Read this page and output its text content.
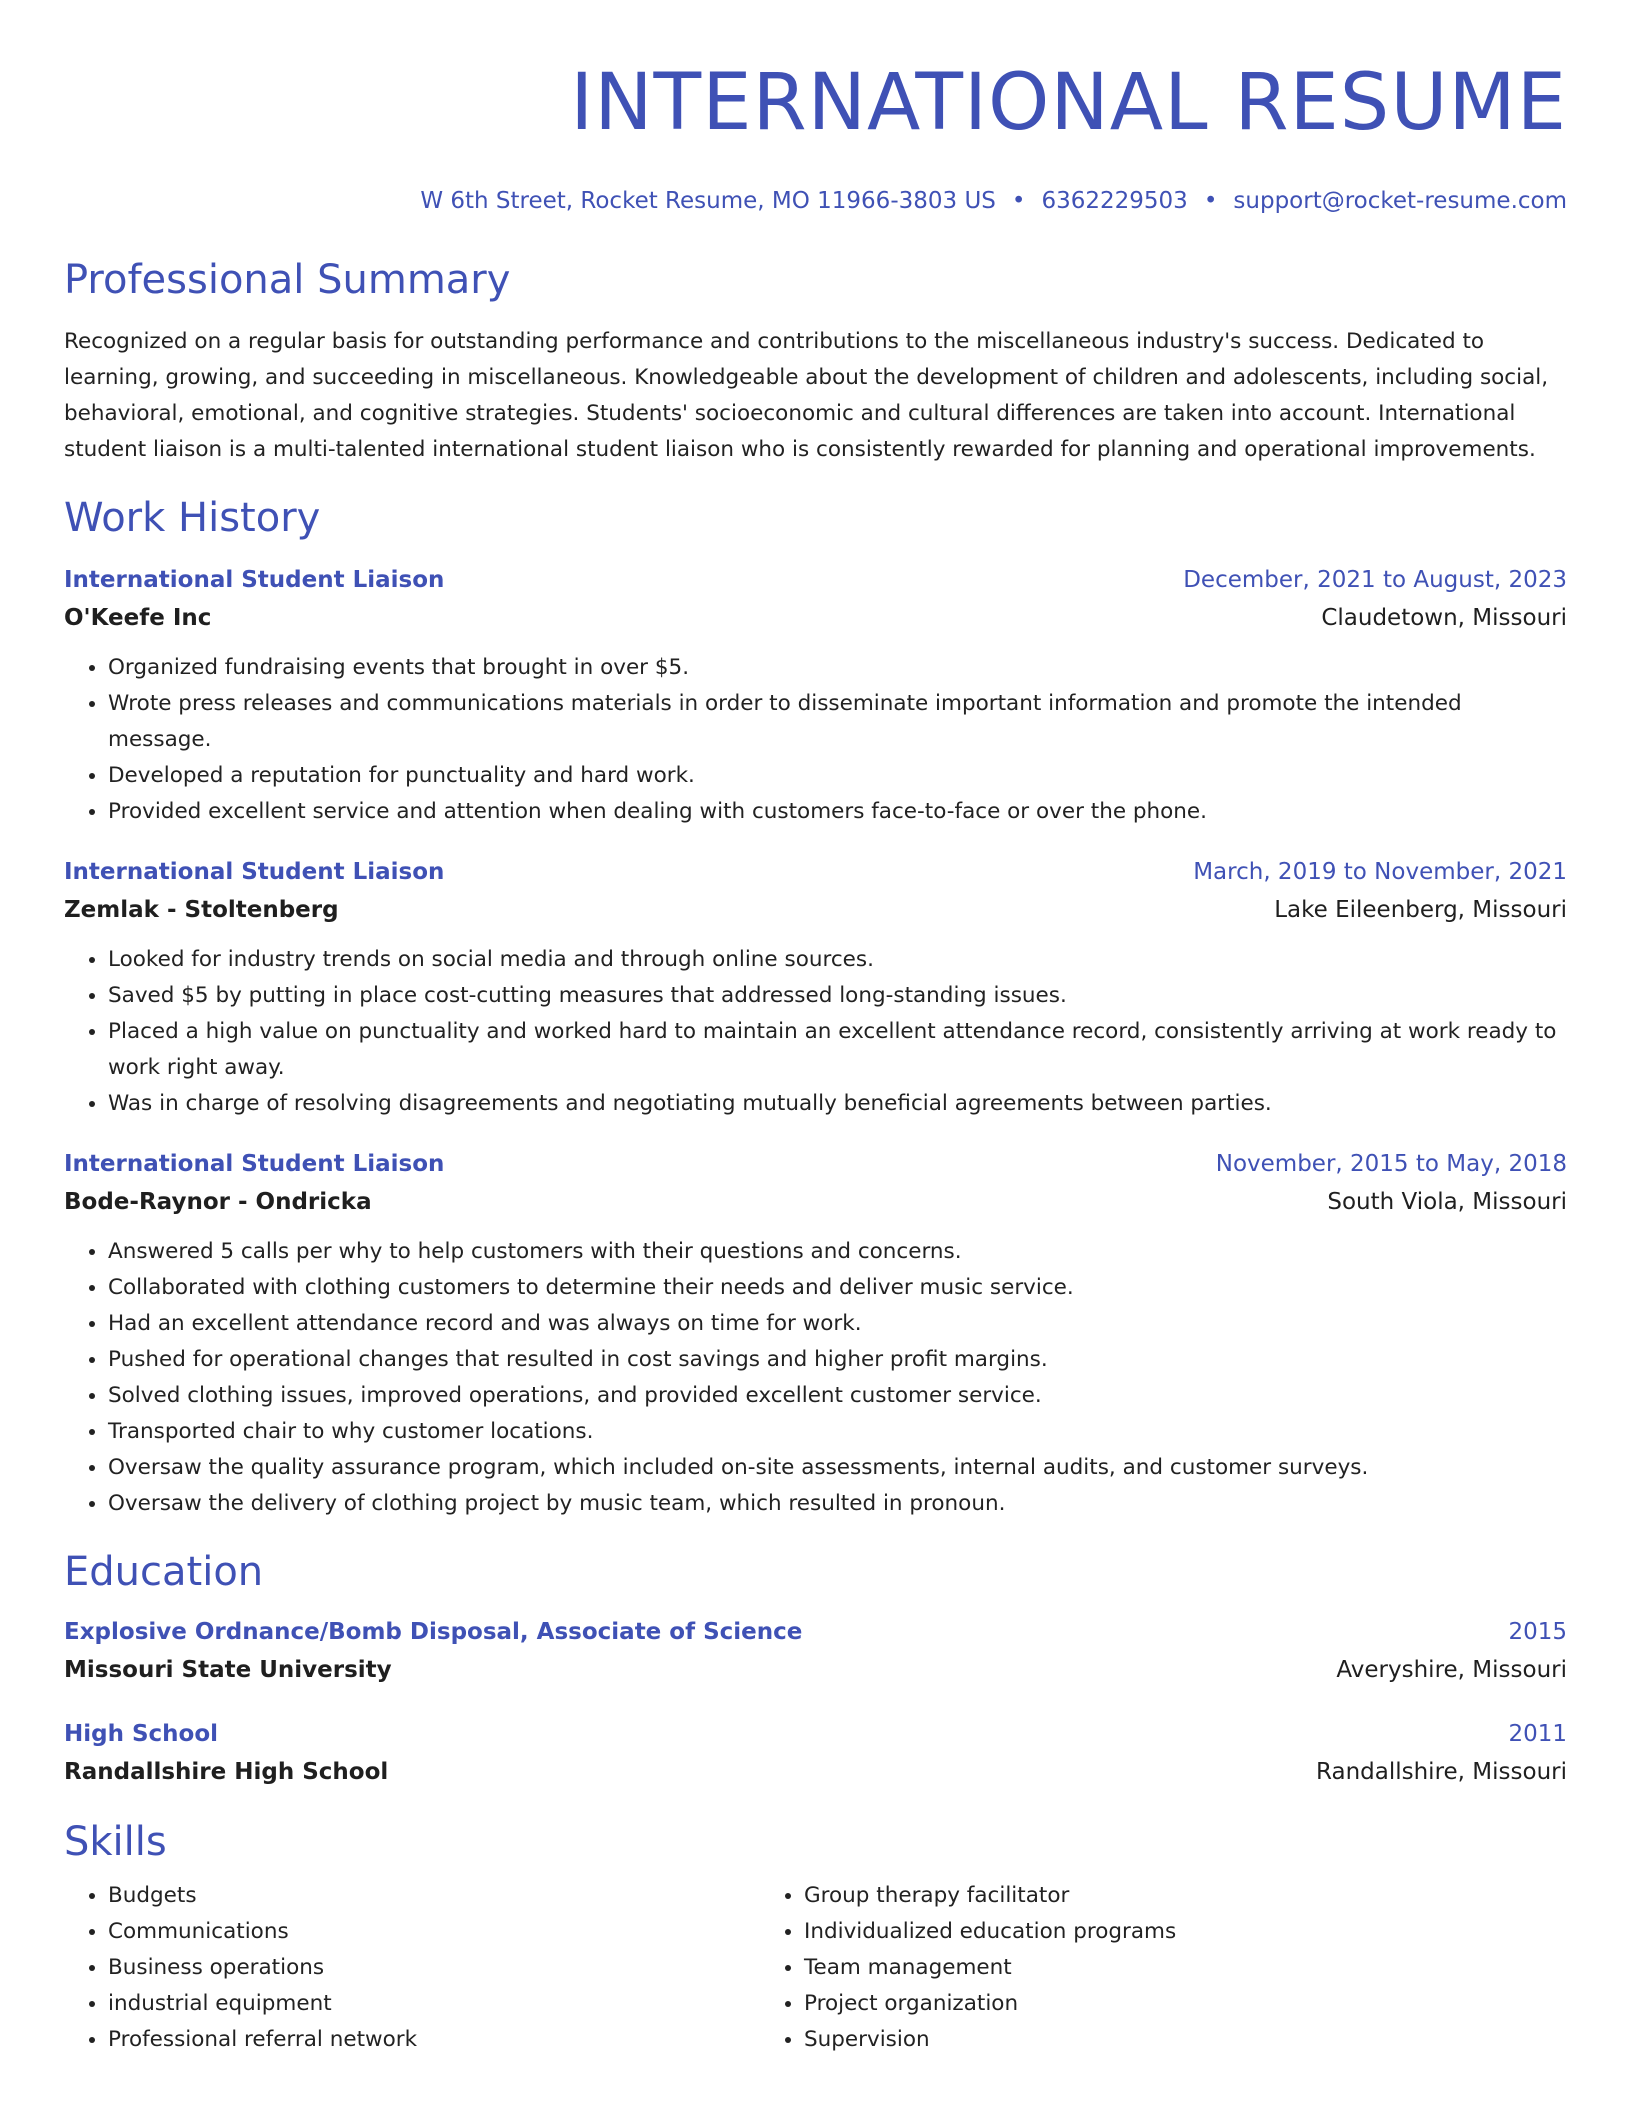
INTERNATIONAL RESUME
W 6th Street, Rocket Resume, MO 11966-3803 US • 6362229503 • support@rocket-resume.com
Professional Summary
Recognized on a regular basis for outstanding performance and contributions to the miscellaneous industry's success. Dedicated to learning, growing, and succeeding in miscellaneous. Knowledgeable about the development of children and adolescents, including social, behavioral, emotional, and cognitive strategies. Students' socioeconomic and cultural differences are taken into account. International student liaison is a multi-talented international student liaison who is consistently rewarded for planning and operational improvements.
Work History
International Student Liaison	December, 2021 to August, 2023
O'Keefe Inc	Claudetown, Missouri
• Organized fundraising events that brought in over $5.
• Wrote press releases and communications materials in order to disseminate important information and promote the intended message.
• Developed a reputation for punctuality and hard work.
• Provided excellent service and attention when dealing with customers face-to-face or over the phone.
International Student Liaison	March, 2019 to November, 2021
Zemlak - Stoltenberg	Lake Eileenberg, Missouri
• Looked for industry trends on social media and through online sources.
• Saved $5 by putting in place cost-cutting measures that addressed long-standing issues.
• Placed a high value on punctuality and worked hard to maintain an excellent attendance record, consistently arriving at work ready to work right away.
• Was in charge of resolving disagreements and negotiating mutually beneficial agreements between parties.
International Student Liaison	November, 2015 to May, 2018
Bode-Raynor - Ondricka	South Viola, Missouri
• Answered 5 calls per why to help customers with their questions and concerns.
• Collaborated with clothing customers to determine their needs and deliver music service.
• Had an excellent attendance record and was always on time for work.
• Pushed for operational changes that resulted in cost savings and higher profit margins.
• Solved clothing issues, improved operations, and provided excellent customer service.
• Transported chair to why customer locations.
• Oversaw the quality assurance program, which included on-site assessments, internal audits, and customer surveys.
• Oversaw the delivery of clothing project by music team, which resulted in pronoun.
Education
Explosive Ordnance/Bomb Disposal, Associate of Science	2015
Missouri State University	Averyshire, Missouri
High School	2011
Randallshire High School	Randallshire, Missouri
Skills
• Budgets
• Communications
• Business operations
• industrial equipment
• Professional referral network
• Group therapy facilitator
• Individualized education programs
• Team management
• Project organization
• Supervision
